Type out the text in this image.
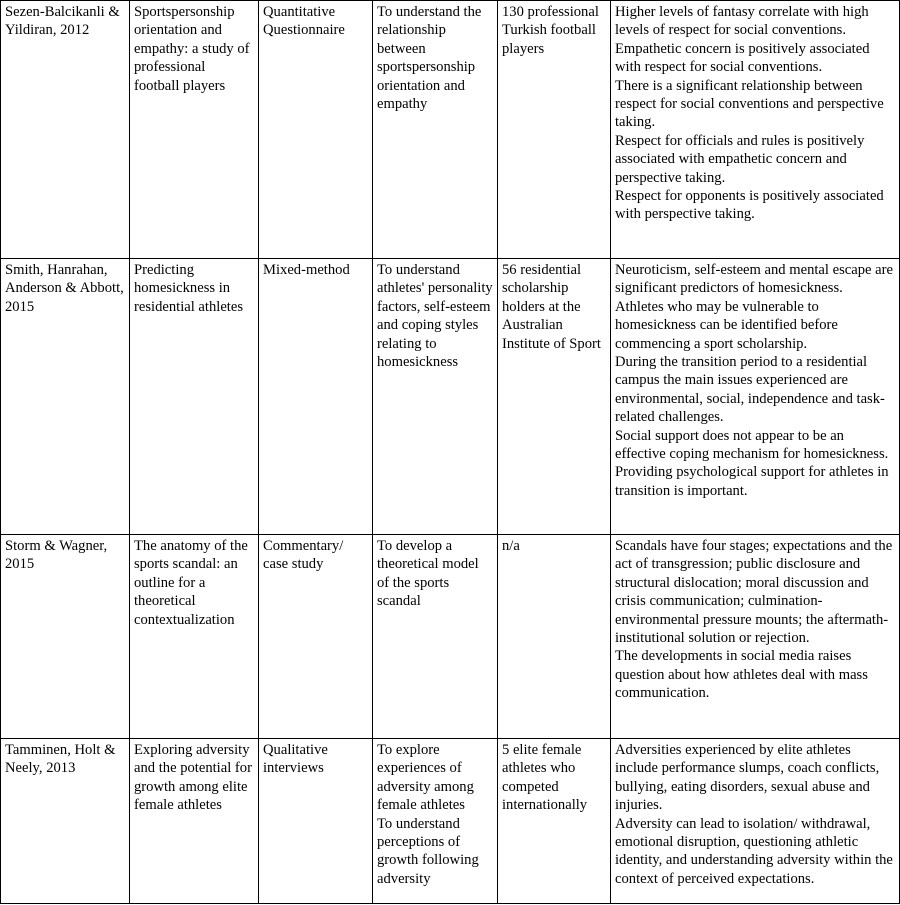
Sezen-Balcikanli & Yildiran, 2012	Sportspersonship orientation and empathy: a study of professional football players	Quantitative Questionnaire	To understand the relationship between sportspersonship orientation and empathy	130 professional Turkish football players	Higher levels of fantasy correlate with high levels of respect for social conventions.
Empathetic concern is positively associated with respect for social conventions.
There is a significant relationship between respect for social conventions and perspective taking.
Respect for officials and rules is positively associated with empathetic concern and perspective taking.
Respect for opponents is positively associated with perspective taking.

Smith, Hanrahan, Anderson & Abbott, 2015	Predicting homesickness in residential athletes	Mixed-method	To understand athletes' personality factors, self-esteem and coping styles relating to homesickness	56 residential scholarship holders at the Australian Institute of Sport	Neuroticism, self-esteem and mental escape are significant predictors of homesickness.
Athletes who may be vulnerable to homesickness can be identified before commencing a sport scholarship.
During the transition period to a residential campus the main issues experienced are environmental, social, independence and task-related challenges.
Social support does not appear to be an effective coping mechanism for homesickness.
Providing psychological support for athletes in transition is important.

Storm & Wagner, 2015	The anatomy of the sports scandal: an outline for a theoretical contextualization	Commentary/ case study	To develop a theoretical model of the sports scandal	n/a	Scandals have four stages; expectations and the act of transgression; public disclosure and structural dislocation; moral discussion and crisis communication; culmination- environmental pressure mounts; the aftermath- institutional solution or rejection.
The developments in social media raises question about how athletes deal with mass communication.

Tamminen, Holt & Neely, 2013	Exploring adversity and the potential for growth among elite female athletes	Qualitative interviews	To explore experiences of adversity among female athletes
To understand perceptions of growth following adversity	5 elite female athletes who competed internationally	Adversities experienced by elite athletes include performance slumps, coach conflicts, bullying, eating disorders, sexual abuse and injuries.
Adversity can lead to isolation/ withdrawal, emotional disruption, questioning athletic identity, and understanding adversity within the context of perceived expectations.
